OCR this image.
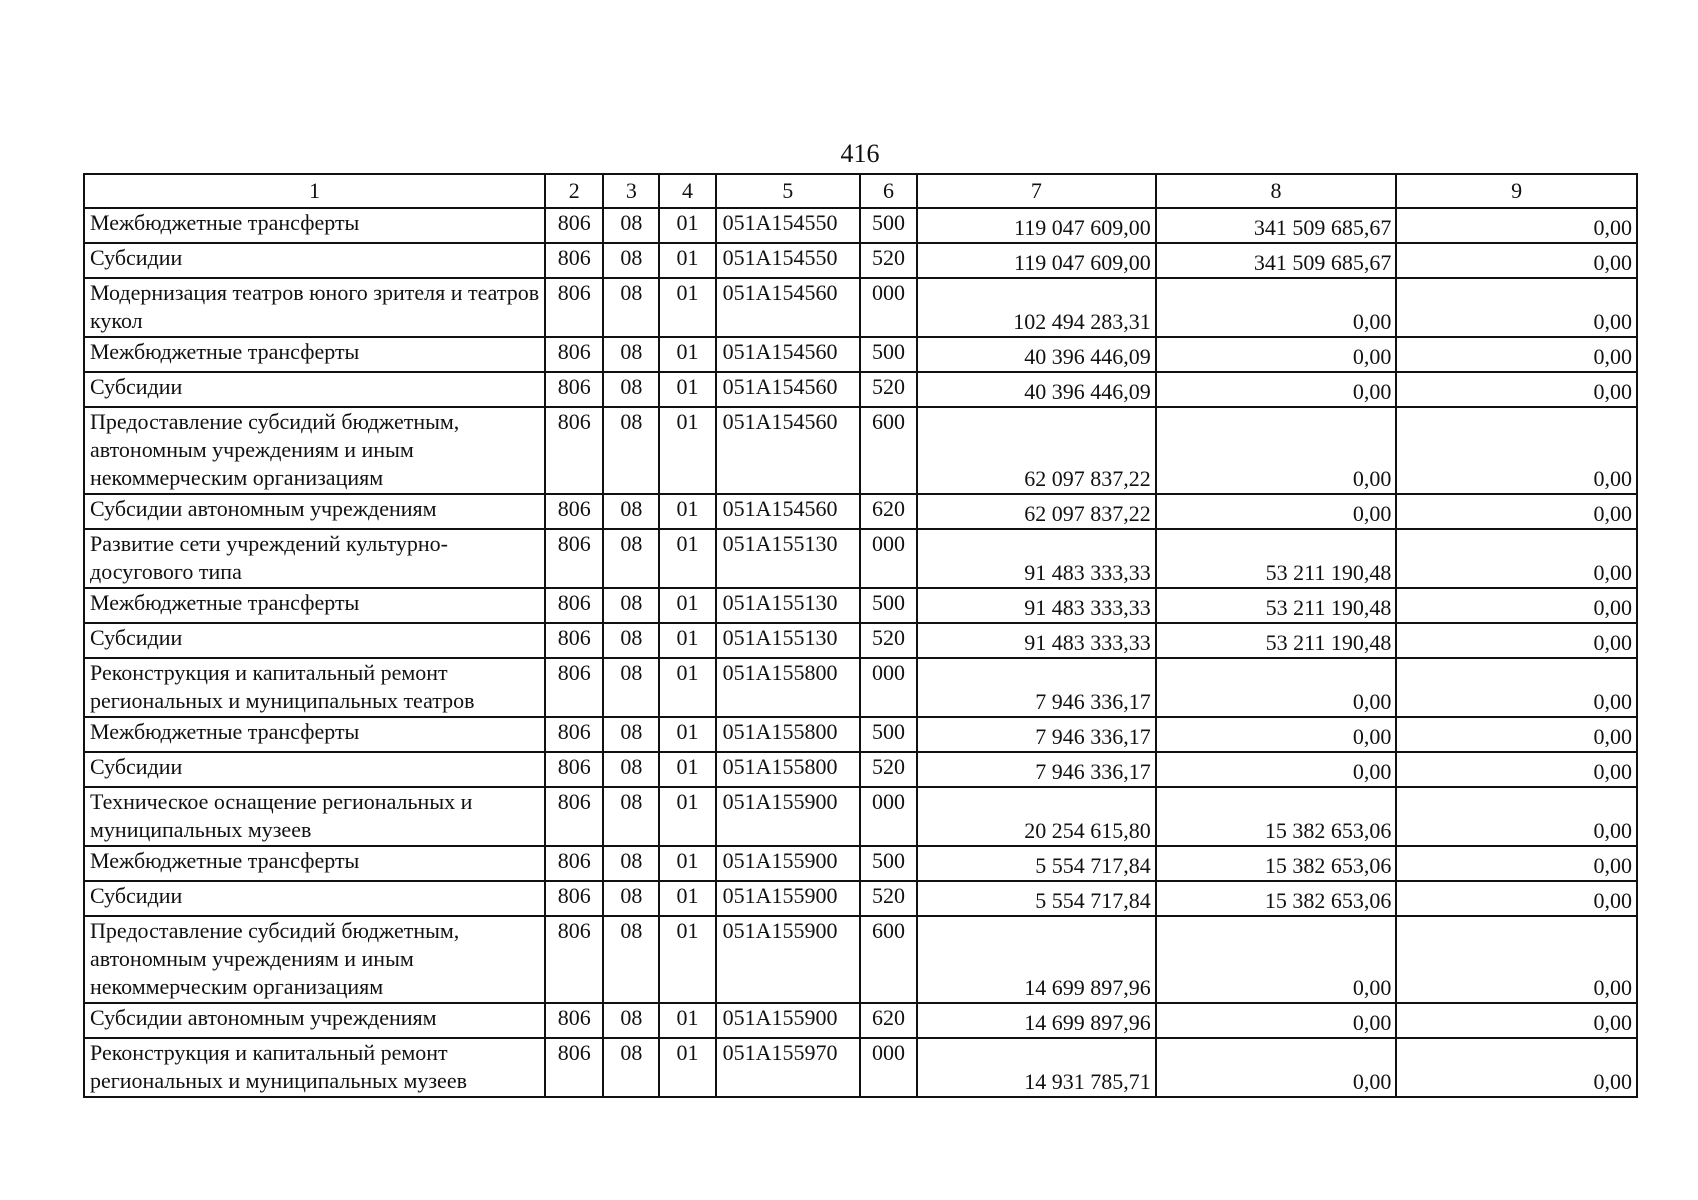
416
1	2	3	4	5	6	7	8	9
Межбюджетные трансферты	806	08	01	051A154550	500	119 047 609,00	341 509 685,67	0,00
Субсидии	806	08	01	051A154550	520	119 047 609,00	341 509 685,67	0,00
Модернизация театров юного зрителя и театров кукол	806	08	01	051A154560	000	102 494 283,31	0,00	0,00
Межбюджетные трансферты	806	08	01	051A154560	500	40 396 446,09	0,00	0,00
Субсидии	806	08	01	051A154560	520	40 396 446,09	0,00	0,00
Предоставление субсидий бюджетным, автономным учреждениям и иным некоммерческим организациям	806	08	01	051A154560	600	62 097 837,22	0,00	0,00
Субсидии автономным учреждениям	806	08	01	051A154560	620	62 097 837,22	0,00	0,00
Развитие сети учреждений культурно-досугового типа	806	08	01	051A155130	000	91 483 333,33	53 211 190,48	0,00
Межбюджетные трансферты	806	08	01	051A155130	500	91 483 333,33	53 211 190,48	0,00
Субсидии	806	08	01	051A155130	520	91 483 333,33	53 211 190,48	0,00
Реконструкция и капитальный ремонт региональных и муниципальных театров	806	08	01	051A155800	000	7 946 336,17	0,00	0,00
Межбюджетные трансферты	806	08	01	051A155800	500	7 946 336,17	0,00	0,00
Субсидии	806	08	01	051A155800	520	7 946 336,17	0,00	0,00
Техническое оснащение региональных и муниципальных музеев	806	08	01	051A155900	000	20 254 615,80	15 382 653,06	0,00
Межбюджетные трансферты	806	08	01	051A155900	500	5 554 717,84	15 382 653,06	0,00
Субсидии	806	08	01	051A155900	520	5 554 717,84	15 382 653,06	0,00
Предоставление субсидий бюджетным, автономным учреждениям и иным некоммерческим организациям	806	08	01	051A155900	600	14 699 897,96	0,00	0,00
Субсидии автономным учреждениям	806	08	01	051A155900	620	14 699 897,96	0,00	0,00
Реконструкция и капитальный ремонт региональных и муниципальных музеев	806	08	01	051A155970	000	14 931 785,71	0,00	0,00
